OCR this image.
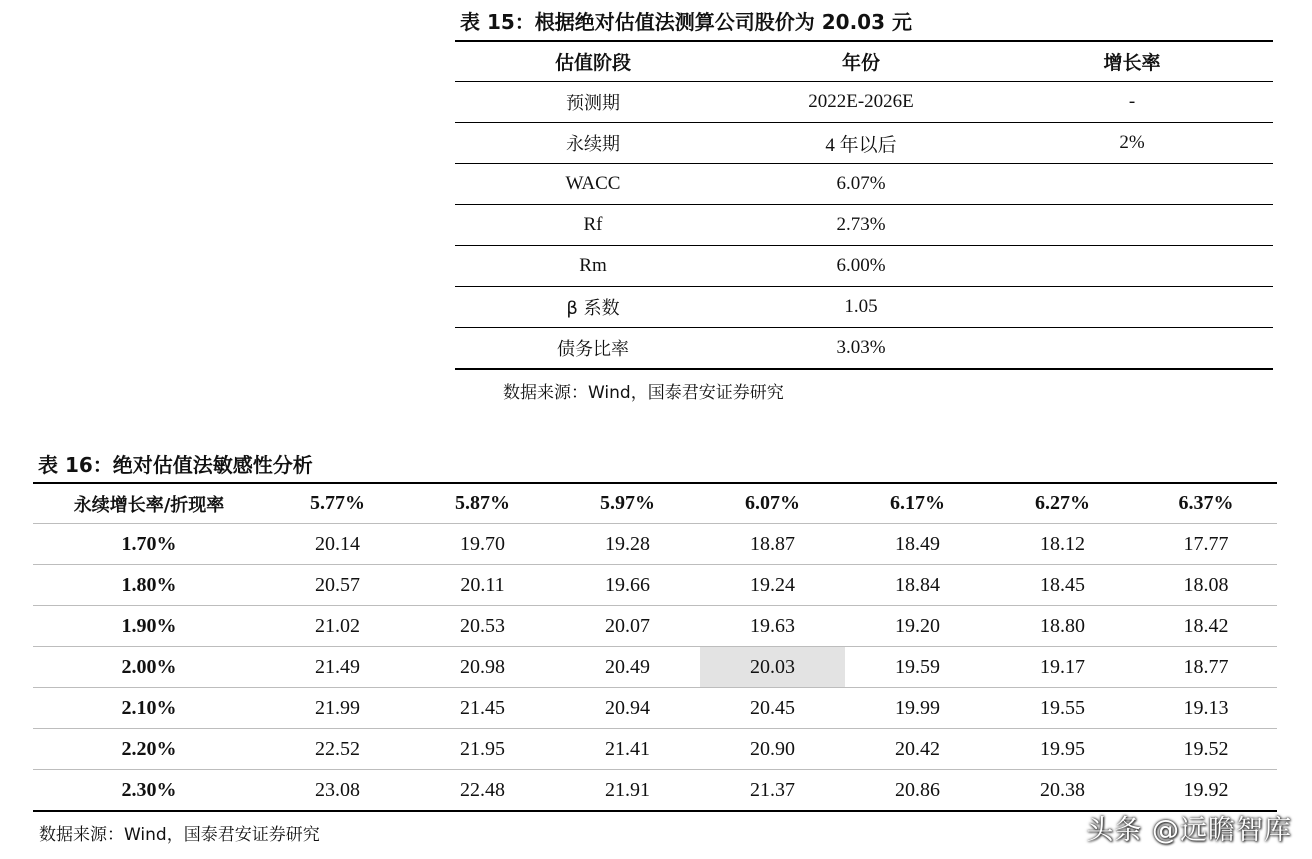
表 15：根据绝对估值法测算公司股价为 20.03 元
估值阶段	年份	增长率
预测期	2022E-2026E	-
永续期	4 年以后	2%
WACC	6.07%	
Rf	2.73%	
Rm	6.00%	
β 系数	1.05	
债务比率	3.03%	
数据来源：Wind，国泰君安证券研究
表 16：绝对估值法敏感性分析
永续增长率/折现率	5.77%	5.87%	5.97%	6.07%	6.17%	6.27%	6.37%
1.70%	20.14	19.70	19.28	18.87	18.49	18.12	17.77
1.80%	20.57	20.11	19.66	19.24	18.84	18.45	18.08
1.90%	21.02	20.53	20.07	19.63	19.20	18.80	18.42
2.00%	21.49	20.98	20.49	20.03	19.59	19.17	18.77
2.10%	21.99	21.45	20.94	20.45	19.99	19.55	19.13
2.20%	22.52	21.95	21.41	20.90	20.42	19.95	19.52
2.30%	23.08	22.48	21.91	21.37	20.86	20.38	19.92
数据来源：Wind，国泰君安证券研究	头条 @远瞻智库
